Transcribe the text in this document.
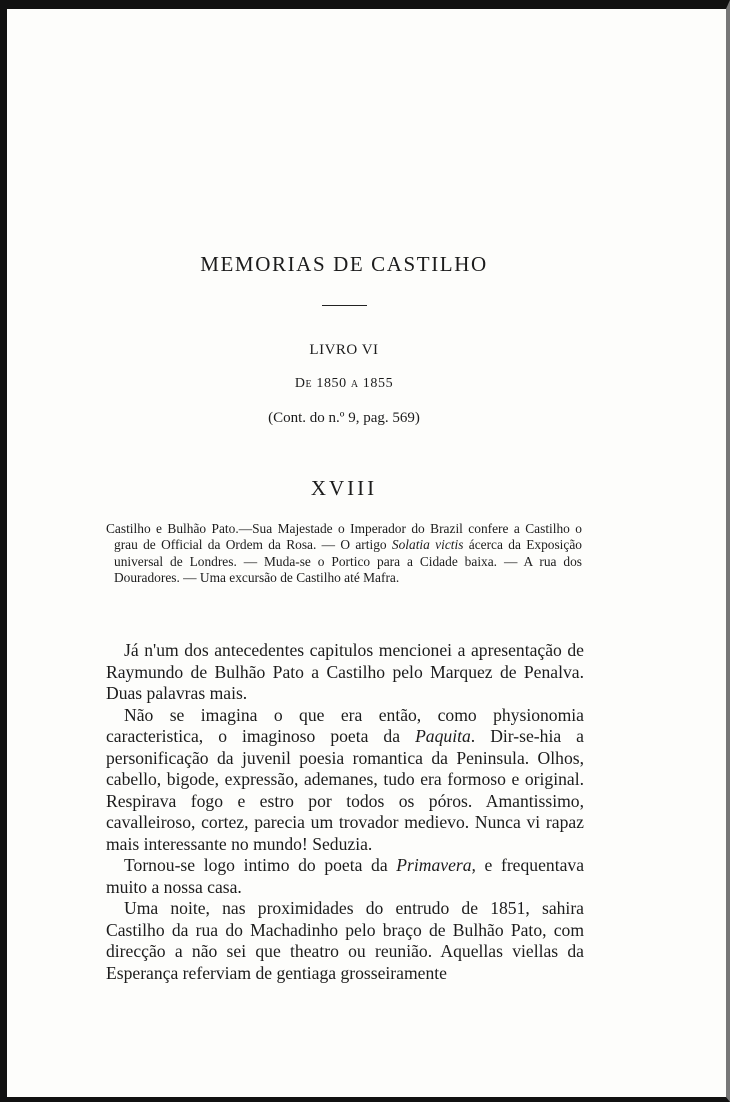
MEMORIAS DE CASTILHO
LIVRO VI
De 1850 a 1855
(Cont. do n.º 9, pag. 569)
XVIII
Castilho e Bulhão Pato.—Sua Majestade o Imperador do Brazil confere a Castilho o grau de Official da Ordem da Rosa. — O artigo Solatia victis ácerca da Exposição universal de Londres. — Muda-se o Portico para a Cidade baixa. — A rua dos Douradores. — Uma excursão de Castilho até Mafra.

Já n'um dos antecedentes capitulos mencionei a apresentação de Raymundo de Bulhão Pato a Castilho pelo Marquez de Penalva. Duas palavras mais.

Não se imagina o que era então, como physionomia caracteristica, o imaginoso poeta da Paquita. Dir-se-hia a personificação da juvenil poesia romantica da Peninsula. Olhos, cabello, bigode, expressão, ademanes, tudo era formoso e original. Respirava fogo e estro por todos os póros. Amantissimo, cavalleiroso, cortez, parecia um trovador medievo. Nunca vi rapaz mais interessante no mundo! Seduzia.

Tornou-se logo intimo do poeta da Primavera, e frequentava muito a nossa casa.

Uma noite, nas proximidades do entrudo de 1851, sahira Castilho da rua do Machadinho pelo braço de Bulhão Pato, com direcção a não sei que theatro ou reunião. Aquellas viellas da Esperança referviam de gentiaga grosseiramente
